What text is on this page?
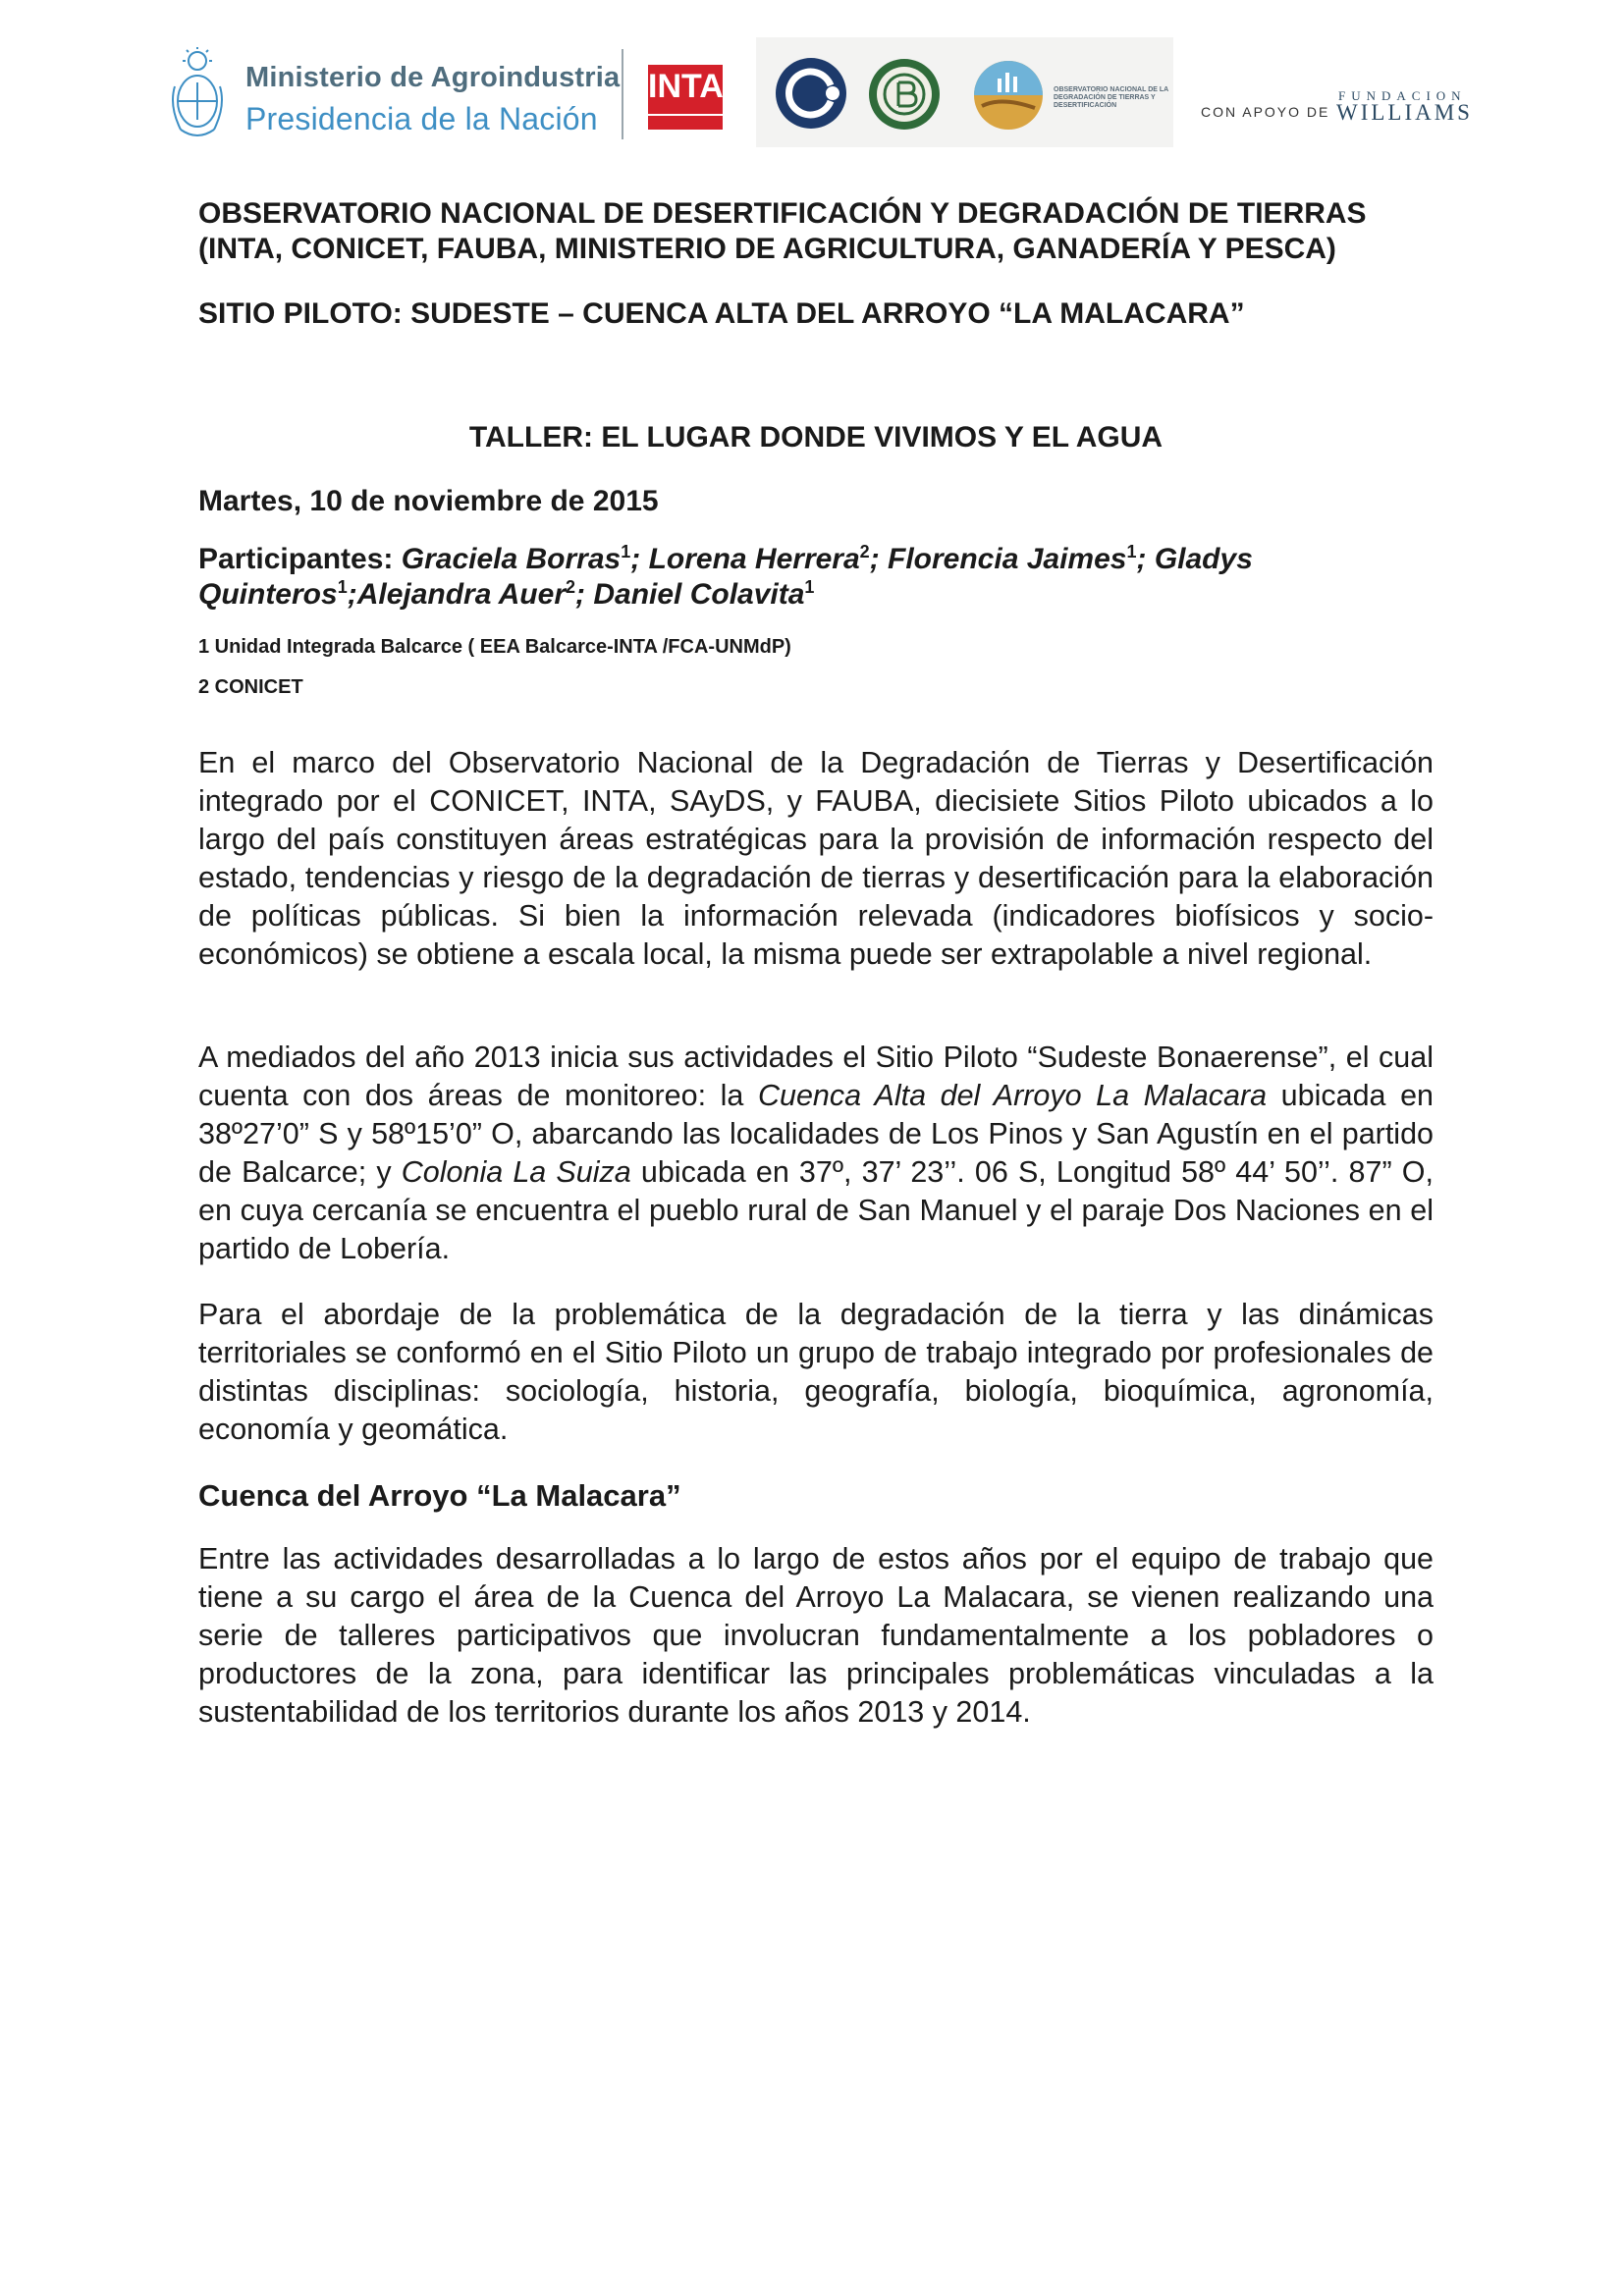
Ministerio de Agroindustria
Presidencia de la Nación
INTA	OBSERVATORIO NACIONAL DE LA DEGRADACIÓN DE TIERRAS Y DESERTIFICACIÓN	CON APOYO DE
FUNDACION
WILLIAMS
OBSERVATORIO NACIONAL DE DESERTIFICACIÓN Y DEGRADACIÓN DE TIERRAS
(INTA, CONICET, FAUBA, MINISTERIO DE AGRICULTURA, GANADERÍA Y PESCA)
SITIO PILOTO: SUDESTE – CUENCA ALTA DEL ARROYO “LA MALACARA”
TALLER: EL LUGAR DONDE VIVIMOS Y EL AGUA
Martes, 10 de noviembre de 2015
Participantes: Graciela Borras$^1$; Lorena Herrera$^2$; Florencia Jaimes$^1$; Gladys Quinteros$^1$;Alejandra Auer$^2$; Daniel Colavita$^1$
1 Unidad Integrada Balcarce ( EEA Balcarce-INTA /FCA-UNMdP)
2 CONICET

En el marco del Observatorio Nacional de la Degradación de Tierras y Desertificación integrado por el CONICET, INTA, SAyDS, y FAUBA, diecisiete Sitios Piloto ubicados a lo largo del país constituyen áreas estratégicas para la provisión de información respecto del estado, tendencias y riesgo de la degradación de tierras y desertificación para la elaboración de políticas públicas. Si bien la información relevada (indicadores biofísicos y socio-económicos) se obtiene a escala local, la misma puede ser extrapolable a nivel regional.

A mediados del año 2013 inicia sus actividades el Sitio Piloto “Sudeste Bonaerense”, el cual cuenta con dos áreas de monitoreo: la Cuenca Alta del Arroyo La Malacara ubicada en 38º27’0” S y 58º15’0” O, abarcando las localidades de Los Pinos y San Agustín en el partido de Balcarce; y Colonia La Suiza ubicada en 37º, 37’ 23’’. 06 S, Longitud 58º 44’ 50’’. 87” O, en cuya cercanía se encuentra el pueblo rural de San Manuel y el paraje Dos Naciones en el partido de Lobería.

Para el abordaje de la problemática de la degradación de la tierra y las dinámicas territoriales se conformó en el Sitio Piloto un grupo de trabajo integrado por profesionales de distintas disciplinas: sociología, historia, geografía, biología, bioquímica, agronomía, economía y geomática.

Cuenca del Arroyo “La Malacara”

Entre las actividades desarrolladas a lo largo de estos años por el equipo de trabajo que tiene a su cargo el área de la Cuenca del Arroyo La Malacara, se vienen realizando una serie de talleres participativos que involucran fundamentalmente a los pobladores o productores de la zona, para identificar las principales problemáticas vinculadas a la sustentabilidad de los territorios durante los años 2013 y 2014.
